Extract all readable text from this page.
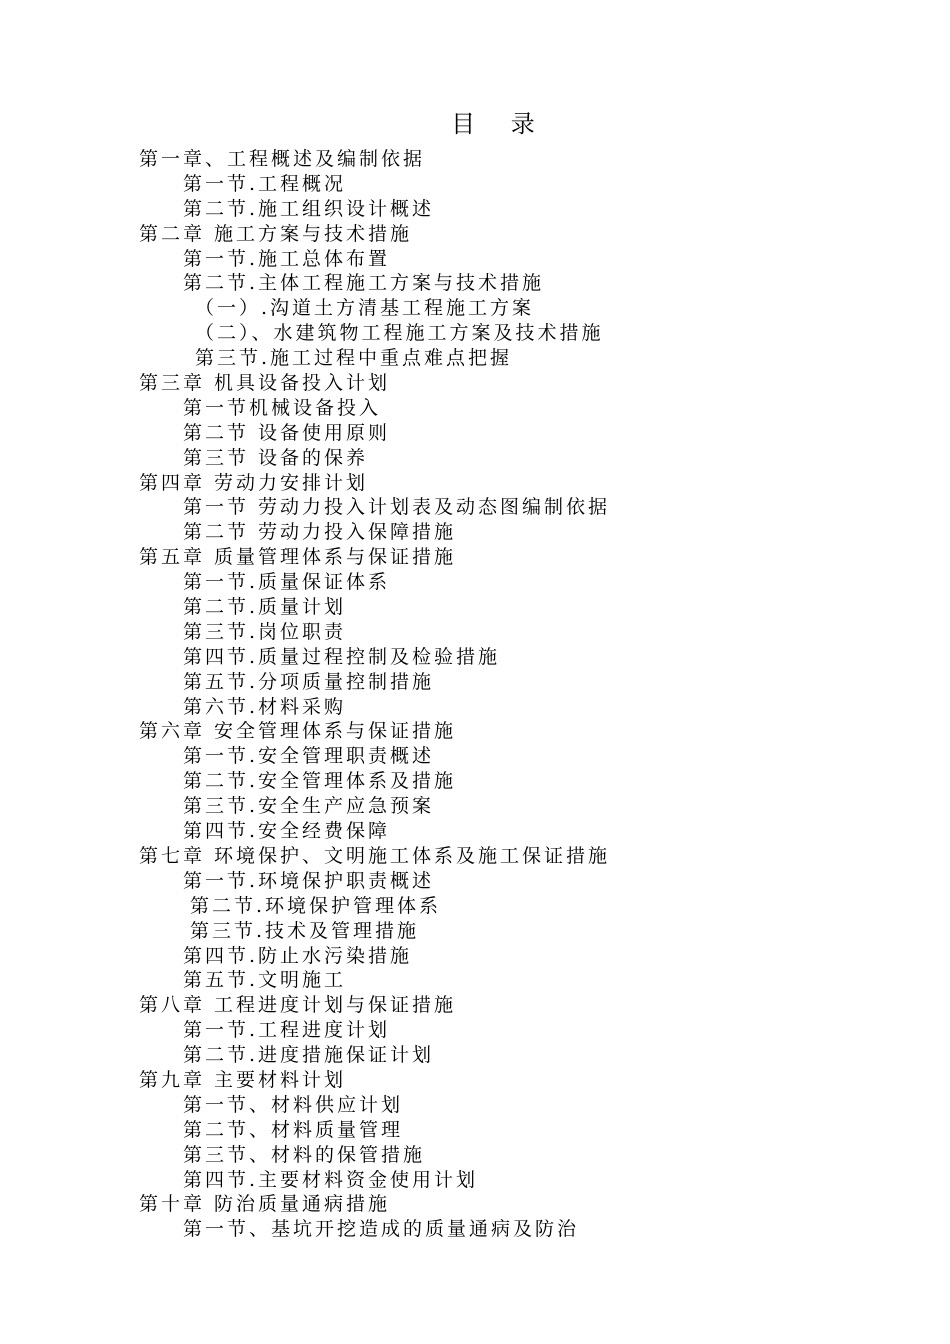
目 录
第一章、工程概述及编制依据
第一节.工程概况
第二节.施工组织设计概述
第二章 施工方案与技术措施
第一节.施工总体布置
第二节.主体工程施工方案与技术措施
（一）.沟道土方清基工程施工方案
（二）、水建筑物工程施工方案及技术措施
第三节.施工过程中重点难点把握
第三章 机具设备投入计划
第一节机械设备投入
第二节 设备使用原则
第三节 设备的保养
第四章 劳动力安排计划
第一节 劳动力投入计划表及动态图编制依据
第二节 劳动力投入保障措施
第五章 质量管理体系与保证措施
第一节.质量保证体系
第二节.质量计划
第三节.岗位职责
第四节.质量过程控制及检验措施
第五节.分项质量控制措施
第六节.材料采购
第六章 安全管理体系与保证措施
第一节.安全管理职责概述
第二节.安全管理体系及措施
第三节.安全生产应急预案
第四节.安全经费保障
第七章 环境保护、文明施工体系及施工保证措施
第一节.环境保护职责概述
第二节.环境保护管理体系
第三节.技术及管理措施
第四节.防止水污染措施
第五节.文明施工
第八章 工程进度计划与保证措施
第一节.工程进度计划
第二节.进度措施保证计划
第九章 主要材料计划
第一节、材料供应计划
第二节、材料质量管理
第三节、材料的保管措施
第四节.主要材料资金使用计划
第十章 防治质量通病措施
第一节、基坑开挖造成的质量通病及防治
